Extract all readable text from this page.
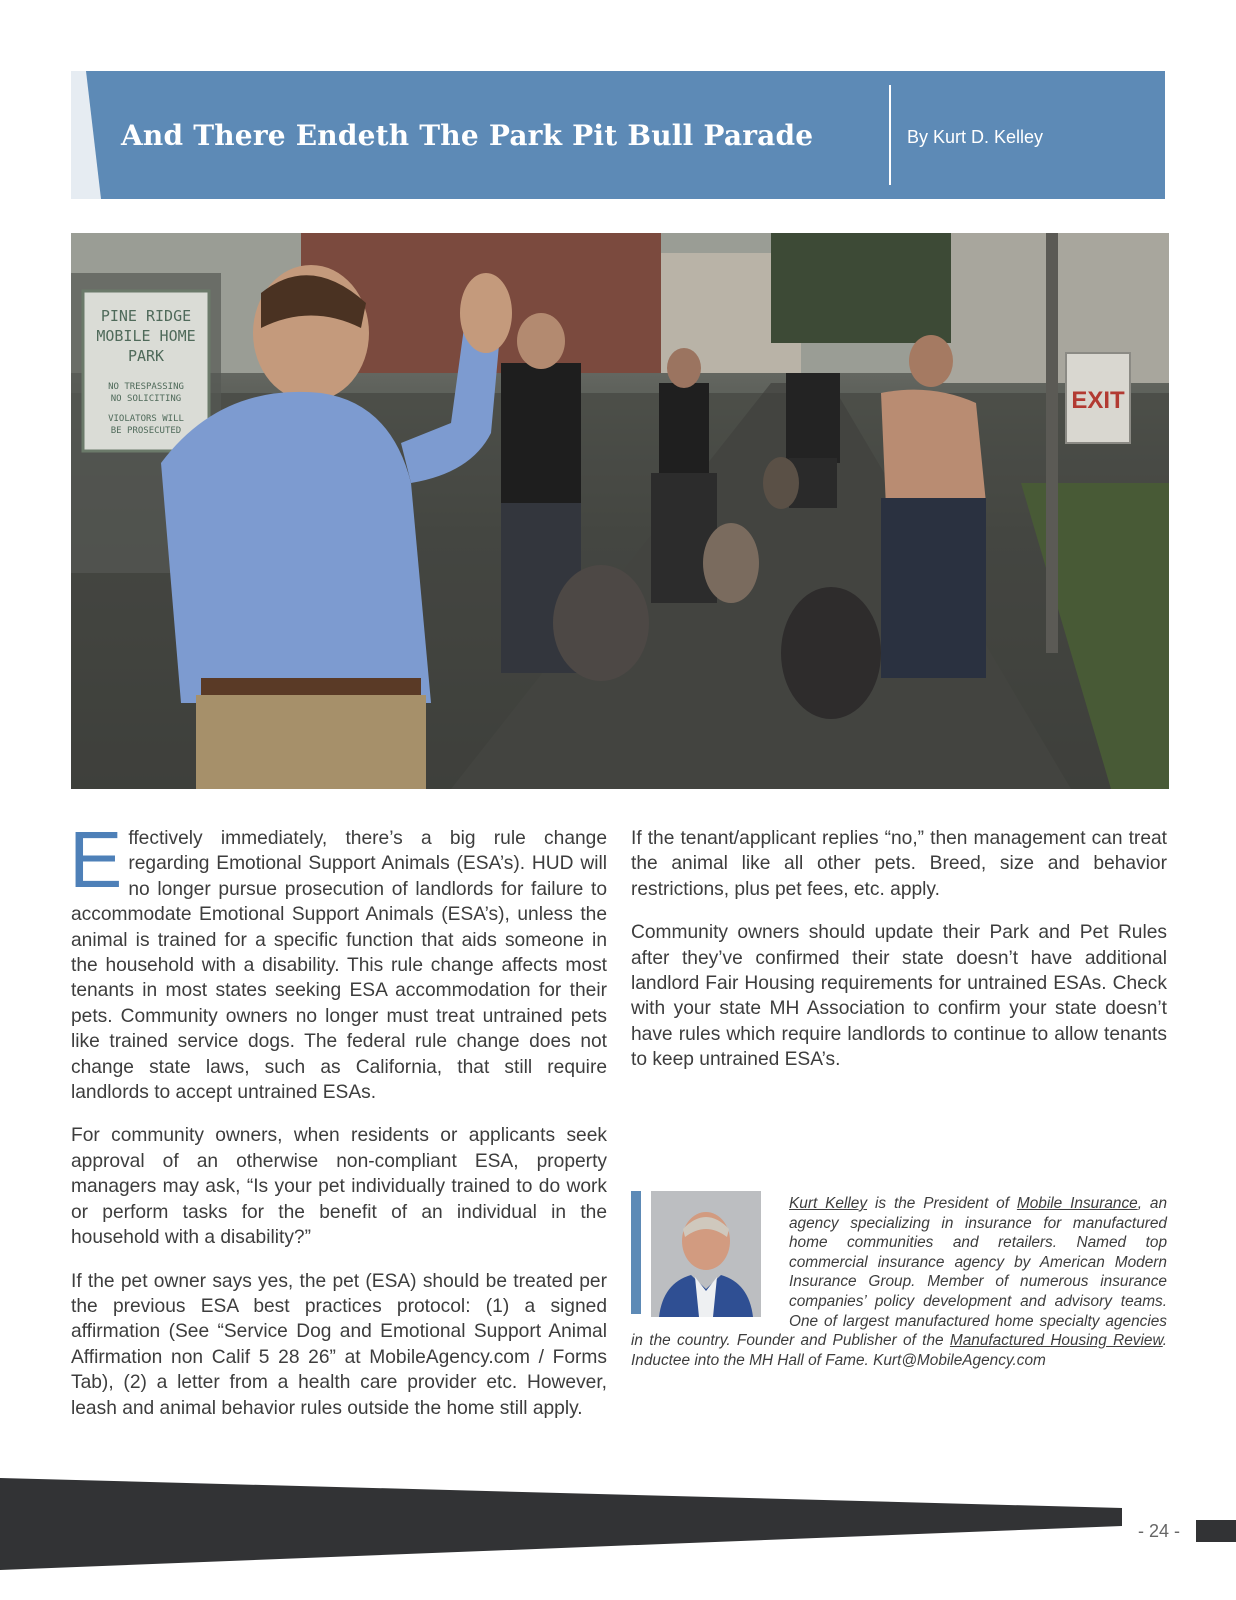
And There Endeth The Park Pit Bull Parade	By Kurt D. Kelley
PINE RIDGE
MOBILE HOME
PARK
NO TRESPASSING
NO SOLICITING
VIOLATORS WILL
BE PROSECUTED
EXIT

Effectively immediately, there’s a big rule change regarding Emotional Support Animals (ESA’s). HUD will no longer pursue prosecution of landlords for failure to accommodate Emotional Support Animals (ESA’s), unless the animal is trained for a specific function that aids someone in the household with a disability. This rule change affects most tenants in most states seeking ESA accommodation for their pets. Community owners no longer must treat untrained pets like trained service dogs. The federal rule change does not change state laws, such as California, that still require landlords to accept untrained ESAs.

For community owners, when residents or applicants seek approval of an otherwise non-compliant ESA, property managers may ask, “Is your pet individually trained to do work or perform tasks for the benefit of an individual in the household with a disability?”

If the pet owner says yes, the pet (ESA) should be treated per the previous ESA best practices protocol: (1) a signed affirmation (See “Service Dog and Emotional Support Animal Affirmation non Calif 5 28 26” at MobileAgency.com / Forms Tab), (2) a letter from a health care provider etc. However, leash and animal behavior rules outside the home still apply.

If the tenant/applicant replies “no,” then management can treat the animal like all other pets. Breed, size and behavior restrictions, plus pet fees, etc. apply.

Community owners should update their Park and Pet Rules after they’ve confirmed their state doesn’t have additional landlord Fair Housing requirements for untrained ESAs. Check with your state MH Association to confirm your state doesn’t have rules which require landlords to continue to allow tenants to keep untrained ESA’s.

Kurt Kelley is the President of Mobile Insurance, an agency specializing in insurance for manufactured home communities and retailers. Named top commercial insurance agency by American Modern Insurance Group. Member of numerous insurance companies’ policy development and advisory teams. One of largest manufactured home specialty agencies in the country. Founder and Publisher of the Manufactured Housing Review. Inductee into the MH Hall of Fame. Kurt@MobileAgency.com
- 24 -
